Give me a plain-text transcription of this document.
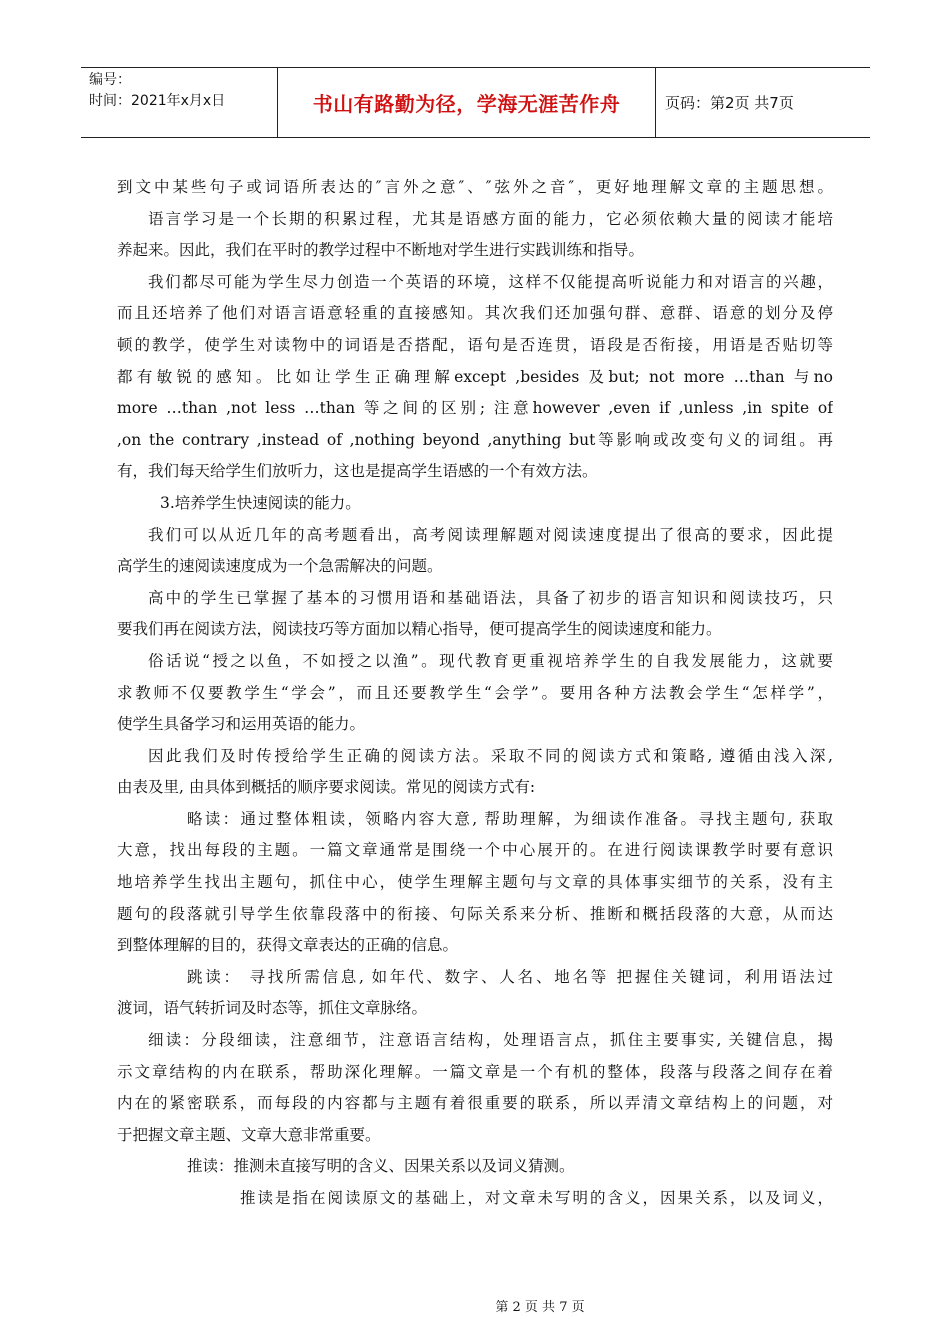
编号：
时间：2021年x月x日	书山有路勤为径，学海无涯苦作舟	页码：第2页 共7页
到文中某些句子或词语所表达的″言外之意″、″弦外之音″，更好地理解文章的主题思想。
语言学习是一个长期的积累过程，尤其是语感方面的能力，它必须依赖大量的阅读才能培
养起来。因此，我们在平时的教学过程中不断地对学生进行实践训练和指导。
我们都尽可能为学生尽力创造一个英语的环境，这样不仅能提高听说能力和对语言的兴趣，
而且还培养了他们对语言语意轻重的直接感知。其次我们还加强句群、意群、语意的划分及停
顿的教学，使学生对读物中的词语是否搭配，语句是否连贯，语段是否衔接，用语是否贴切等
都有敏锐的感知。比如让学生正确理解except ,besides 及but; not more …than 与no
more …than ,not less …than 等之间的区别; 注意however ,even if ,unless ,in spite of
,on the contrary ,instead of ,nothing beyond ,anything but等影响或改变句义的词组。再
有，我们每天给学生们放听力，这也是提高学生语感的一个有效方法。
3.培养学生快速阅读的能力。
我们可以从近几年的高考题看出，高考阅读理解题对阅读速度提出了很高的要求，因此提
高学生的速阅读速度成为一个急需解决的问题。
高中的学生已掌握了基本的习惯用语和基础语法，具备了初步的语言知识和阅读技巧，只
要我们再在阅读方法，阅读技巧等方面加以精心指导，便可提高学生的阅读速度和能力。
俗话说“授之以鱼，不如授之以渔”。现代教育更重视培养学生的自我发展能力，这就要
求教师不仅要教学生“学会”，而且还要教学生“会学”。要用各种方法教会学生“怎样学”，
使学生具备学习和运用英语的能力。
因此我们及时传授给学生正确的阅读方法。采取不同的阅读方式和策略, 遵循由浅入深,
由表及里, 由具体到概括的顺序要求阅读。常见的阅读方式有:
略读：通过整体粗读，领略内容大意, 帮助理解，为细读作准备。寻找主题句, 获取
大意，找出每段的主题。一篇文章通常是围绕一个中心展开的。在进行阅读课教学时要有意识
地培养学生找出主题句，抓住中心，使学生理解主题句与文章的具体事实细节的关系，没有主
题句的段落就引导学生依靠段落中的衔接、句际关系来分析、推断和概括段落的大意，从而达
到整体理解的目的，获得文章表达的正确的信息。
跳读： 寻找所需信息, 如年代、数字、人名、地名等 把握住关键词，利用语法过
渡词，语气转折词及时态等，抓住文章脉络。
细读：分段细读，注意细节，注意语言结构，处理语言点，抓住主要事实, 关键信息，揭
示文章结构的内在联系，帮助深化理解。一篇文章是一个有机的整体，段落与段落之间存在着
内在的紧密联系，而每段的内容都与主题有着很重要的联系，所以弄清文章结构上的问题，对
于把握文章主题、文章大意非常重要。
推读：推测未直接写明的含义、因果关系以及词义猜测。
推读是指在阅读原文的基础上，对文章未写明的含义，因果关系，以及词义，
第 2 页 共 7 页
